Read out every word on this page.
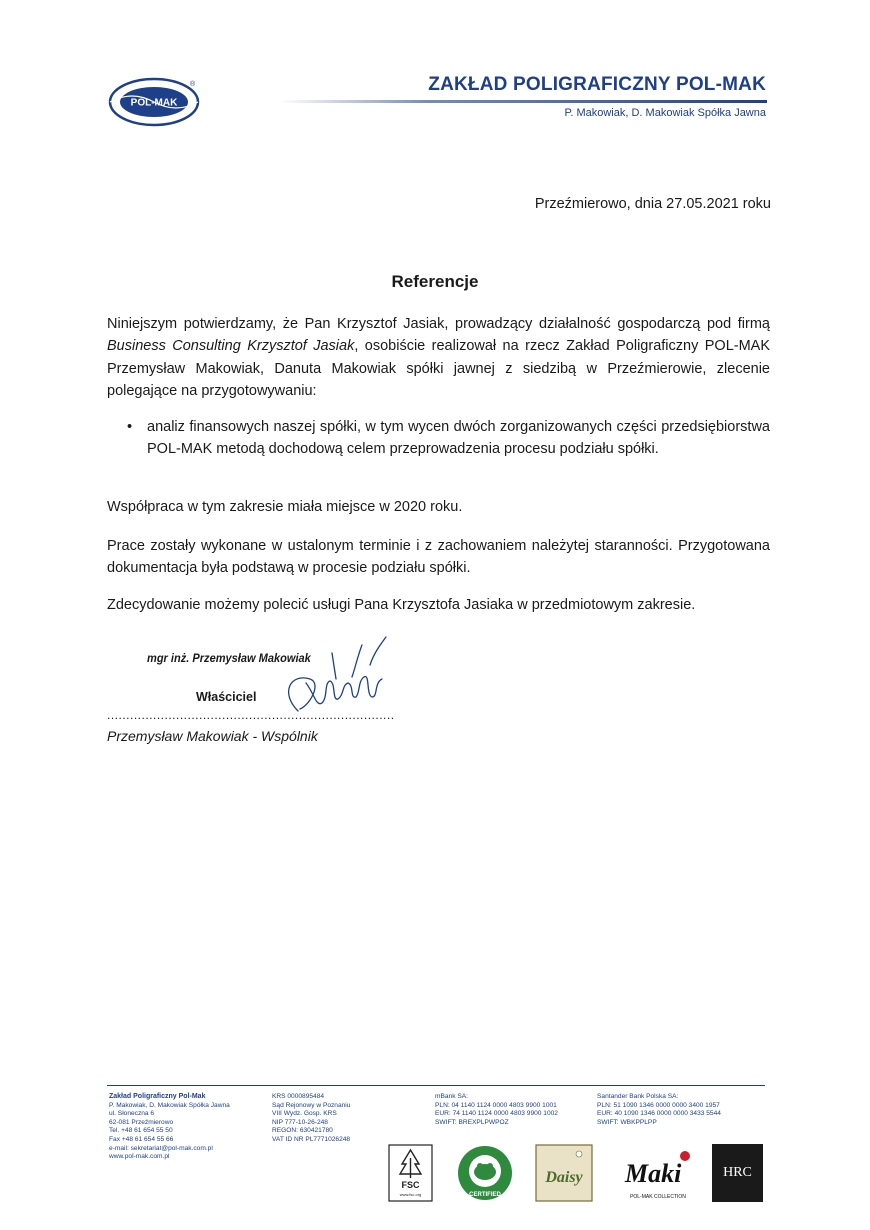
POL-MAK
®	ZAKŁAD POLIGRAFICZNY POL-MAK
P. Makowiak, D. Makowiak Spółka Jawna
Przeźmierowo, dnia 27.05.2021 roku
Referencje
Niniejszym potwierdzamy, że Pan Krzysztof Jasiak, prowadzący działalność gospodarczą pod firmą Business Consulting Krzysztof Jasiak, osobiście realizował na rzecz Zakład Poligraficzny POL-MAK Przemysław Makowiak, Danuta Makowiak spółki jawnej z siedzibą w Przeźmierowie, zlecenie polegające na przygotowywaniu:
• analiz finansowych naszej spółki, w tym wycen dwóch zorganizowanych części przedsiębiorstwa POL-MAK metodą dochodową celem przeprowadzenia procesu podziału spółki.
Współpraca w tym zakresie miała miejsce w 2020 roku.
Prace zostały wykonane w ustalonym terminie i z zachowaniem należytej staranności. Przygotowana dokumentacja była podstawą w procesie podziału spółki.
Zdecydowanie możemy polecić usługi Pana Krzysztofa Jasiaka w przedmiotowym zakresie.
mgr inż. Przemysław Makowiak
Właściciel
...........................................................................
Przemysław Makowiak - Wspólnik
Zakład Poligraficzny Pol-Mak
P. Makowiak, D. Makowiak Spółka Jawna
ul. Słoneczna 6
62-081 Przeźmierowo
Tel. +48 61 654 55 50
Fax +48 61 654 55 66
e-mail: sekretariat@pol-mak.com.pl
www.pol-mak.com.pl
KRS 0000895484
Sąd Rejonowy w Poznaniu
VIII Wydz. Gosp. KRS
NIP 777-10-26-248
REGON: 630421780
VAT ID NR PL7771026248
mBank SA:
PLN: 04 1140 1124 0000 4803 9900 1001
EUR: 74 1140 1124 0000 4803 9900 1002
SWIFT: BREXPLPWPOZ
Santander Bank Polska SA:
PLN: 51 1090 1346 0000 0000 3400 1957
EUR: 40 1090 1346 0000 0000 3433 5544
SWIFT: WBKPPLPP
FSC
www.fsc.org	CERTIFIED
Daisy Maki
POL-MAK COLLECTION
HRC
